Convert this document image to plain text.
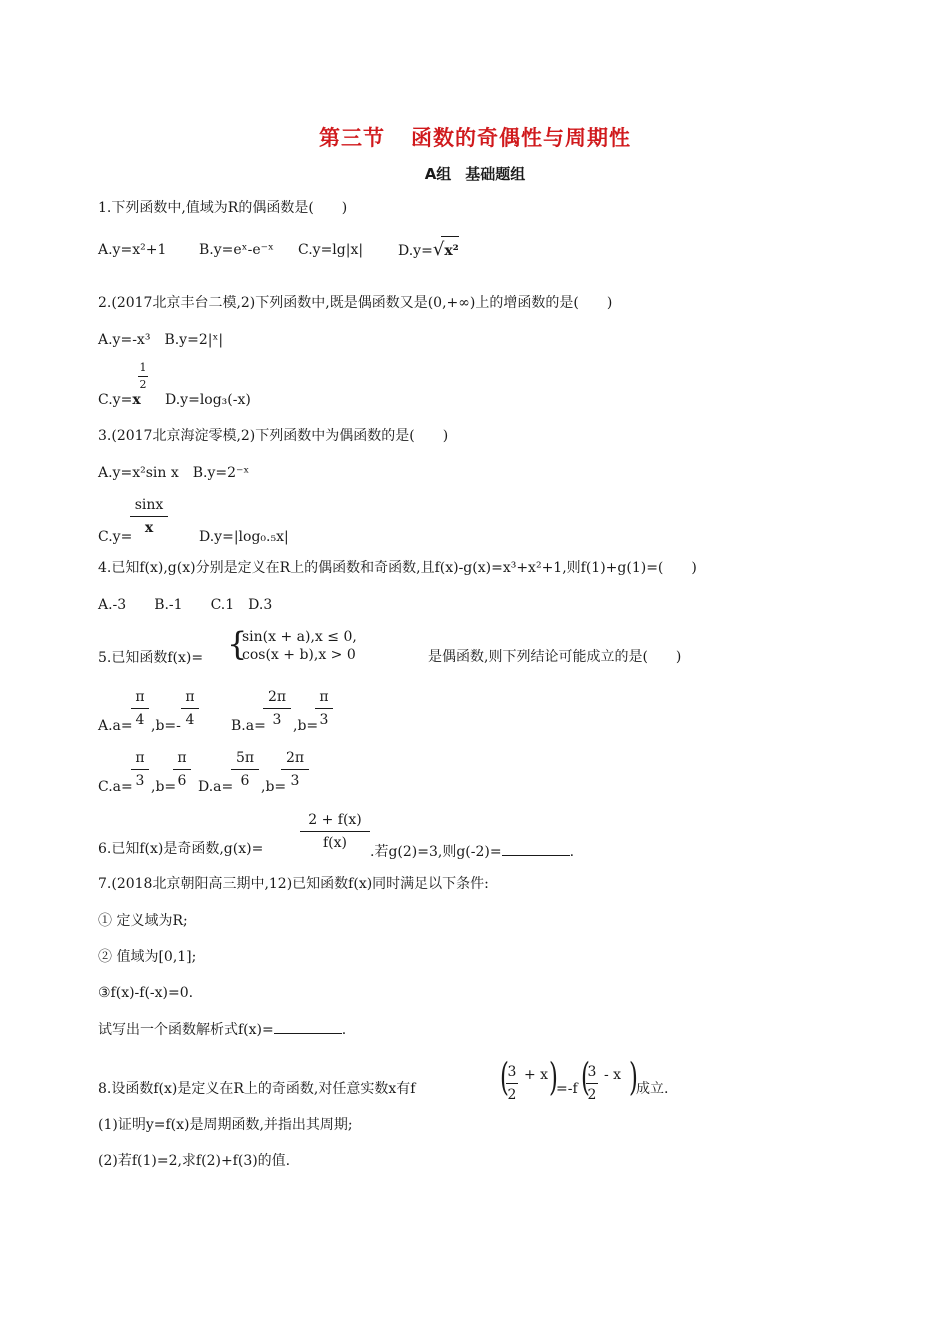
第三节 函数的奇偶性与周期性
A组 基础题组
1.下列函数中,值域为R的偶函数是(　　)
A.y=x²+1 B.y=eˣ-e⁻ˣ C.y=lg|x| D.y=√x²
2.(2017北京丰台二模,2)下列函数中,既是偶函数又是(0,+∞)上的增函数的是(　　)
A.y=-x³　B.y=2|ˣ|
C.y=x
1
2
D.y=log₃(-x)
3.(2017北京海淀零模,2)下列函数中为偶函数的是(　　)
A.y=x²sin x　B.y=2⁻ˣ
C.y=
sinx
x
D.y=|log₀.₅x|
4.已知f(x),g(x)分别是定义在R上的偶函数和奇函数,且f(x)-g(x)=x³+x²+1,则f(1)+g(1)=(　　)
A.-3　　B.-1　　C.1　D.3
5.已知函数f(x)= {
sin(x + a),x ≤ 0,
cos(x + b),x > 0	是偶函数,则下列结论可能成立的是(　　)
A.a=
π
4 ,b=-
π
4	B.a=
2π
3 ,b=
π
3
C.a=
π
3 ,b=
π
6 D.a=
5π
6 ,b=
2π
3
6.已知f(x)是奇函数,g(x)=
2 + f(x)
f(x)
.若g(2)=3,则g(-2)=	.
7.(2018北京朝阳高三期中,12)已知函数f(x)同时满足以下条件:
① 定义域为R;
② 值域为[0,1];
③f(x)-f(-x)=0.
试写出一个函数解析式f(x)=	.
8.设函数f(x)是定义在R上的奇函数,对任意实数x有f (
3
2
+ x )
=-f (
3
2
- x )
成立.
(1)证明y=f(x)是周期函数,并指出其周期;
(2)若f(1)=2,求f(2)+f(3)的值.
